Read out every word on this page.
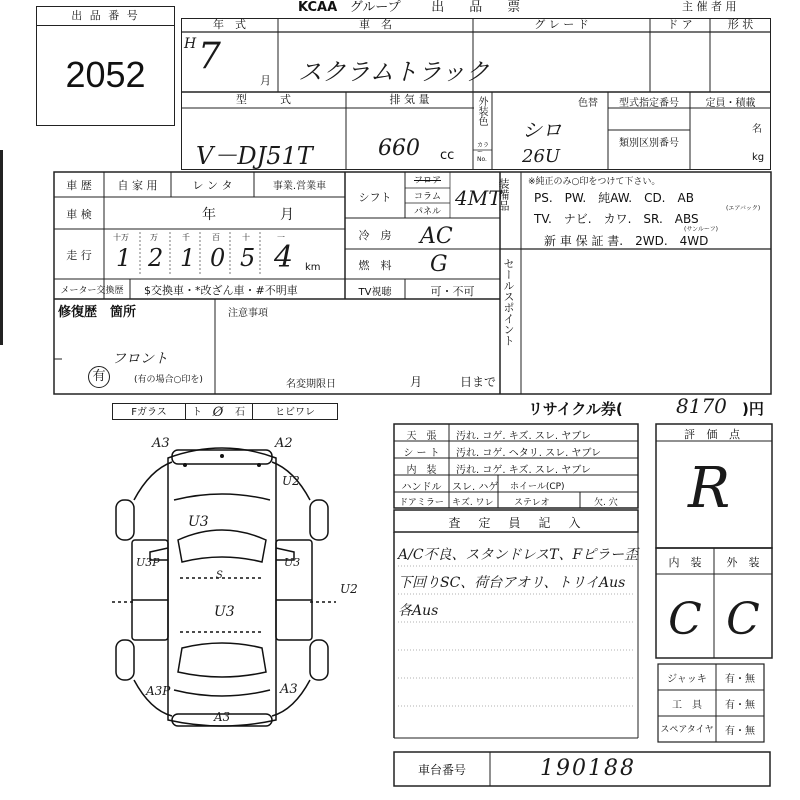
出 品 番 号
2052
KCAA グループ 出　品　票	主 催 者 用
年　式	車　名	グ レ ー ド	ド ア	形 状
H 7
月 スクラムトラック
型　　　式	排 気 量	外装色
カラーNo.
色替	型式指定番号	定員・積載
類別区別番号
名
kg
V－DJ51T	660 cc
シロ
26U
車 歴	自 家 用	レ ン タ	事業.営業車
車 検	年	月
走 行
十万	万	千	百	十	一
1 2 1 0 5 4 km
メーター交換歴	$交換車・*改ざん車・#不明車
シフト
フロア
コラム
パネル
4MT
冷　房	AC
燃　料	G
TV視聴	可・不可
装備品	※純正のみ○印をつけて下さい。
PS.　PW.　純AW.　CD.　AB
(エアバック)
TV.　ナビ.　カワ.　SR.　ABS
(サンルーフ)
新 車 保 証 書.　2WD.　4WD
セールスポイント
修復歴　箇所
フロント
有	(有の場合○印を)
注意事項
名変期限日	月	日まで
Fガラス	ト Ø	石	ヒビワレ	リサイクル券(	8170 )円
A3	A2
U2
U3
U3P	U3
S
U3
U2
A3P	A3
A3
天　張	汚れ. コゲ. キズ. スレ. ヤブレ
シ ー ト	汚れ. コゲ. ヘタリ. スレ. ヤブレ
内　装	汚れ. コゲ. キズ. スレ. ヤブレ
ハンドル	スレ. ハゲ ホイール(CP)
ドアミラー キズ. ワレ ステレオ	欠. 穴
査　定　員　記　入
A/C不良、スタンドレスT、Fピラー歪
下回りSC、荷台アオリ、トリイAus
各Aus
評 価 点
R
内　装	外　装
C C
ジャッキ	有・無
工　具	有・無
スペアタイヤ	有・無
車台番号	190188
